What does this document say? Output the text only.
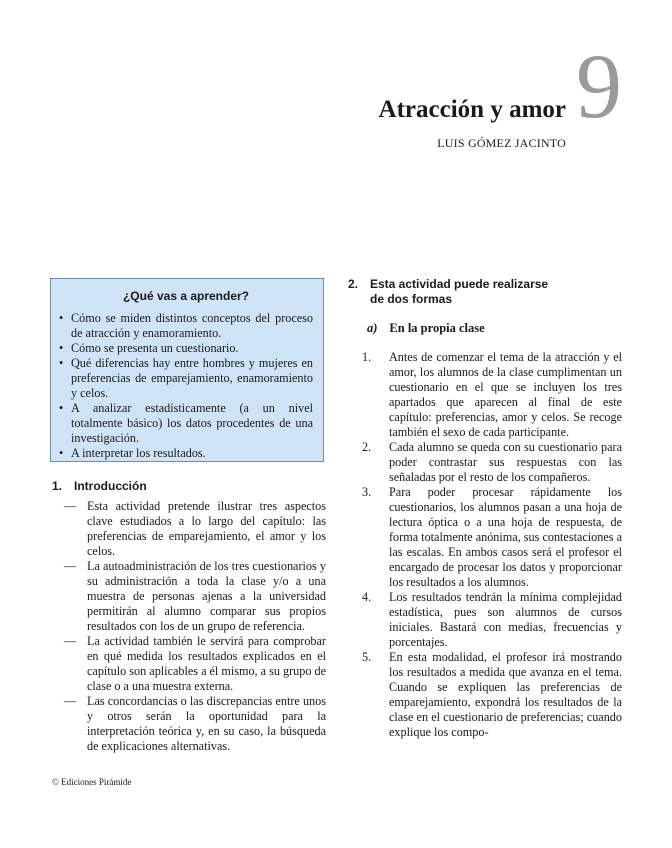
9
Atracción y amor
LUIS GÓMEZ JACINTO
¿Qué vas a aprender?
• Cómo se miden distintos conceptos del proceso de atracción y enamoramiento.
• Cómo se presenta un cuestionario.
• Qué diferencias hay entre hombres y mujeres en preferencias de emparejamiento, enamoramiento y celos.
• A analizar estadísticamente (a un nivel totalmente básico) los datos procedentes de una investigación.
• A interpretar los resultados.
1. Introducción
— Esta actividad pretende ilustrar tres aspectos clave estudiados a lo largo del capítulo: las preferencias de emparejamiento, el amor y los celos.
— La autoadministración de los tres cuestionarios y su administración a toda la clase y/o a una muestra de personas ajenas a la universidad permitirán al alumno comparar sus propios resultados con los de un grupo de referencia.
— La actividad también le servirá para comprobar en qué medida los resultados explicados en el capítulo son aplicables a él mismo, a su grupo de clase o a una muestra externa.
— Las concordancias o las discrepancias entre unos y otros serán la oportunidad para la interpretación teórica y, en su caso, la búsqueda de explicaciones alternativas.
2. Esta actividad puede realizarse
de dos formas
a) En la propia clase
1. Antes de comenzar el tema de la atracción y el amor, los alumnos de la clase cumplimentan un cuestionario en el que se incluyen los tres apartados que aparecen al final de este capítulo: preferencias, amor y celos. Se recoge también el sexo de cada participante.
2. Cada alumno se queda con su cuestionario para poder contrastar sus respuestas con las señaladas por el resto de los compañeros.
3. Para poder procesar rápidamente los cuestionarios, los alumnos pasan a una hoja de lectura óptica o a una hoja de respuesta, de forma totalmente anónima, sus contestaciones a las escalas. En ambos casos será el profesor el encargado de procesar los datos y proporcionar los resultados a los alumnos.
4. Los resultados tendrán la mínima complejidad estadística, pues son alumnos de cursos iniciales. Bastará con medias, frecuencias y porcentajes.
5. En esta modalidad, el profesor irá mostrando los resultados a medida que avanza en el tema. Cuando se expliquen las preferencias de emparejamiento, expondrá los resultados de la clase en el cuestionario de preferencias; cuando explique los compo-
© Ediciones Pirámide
